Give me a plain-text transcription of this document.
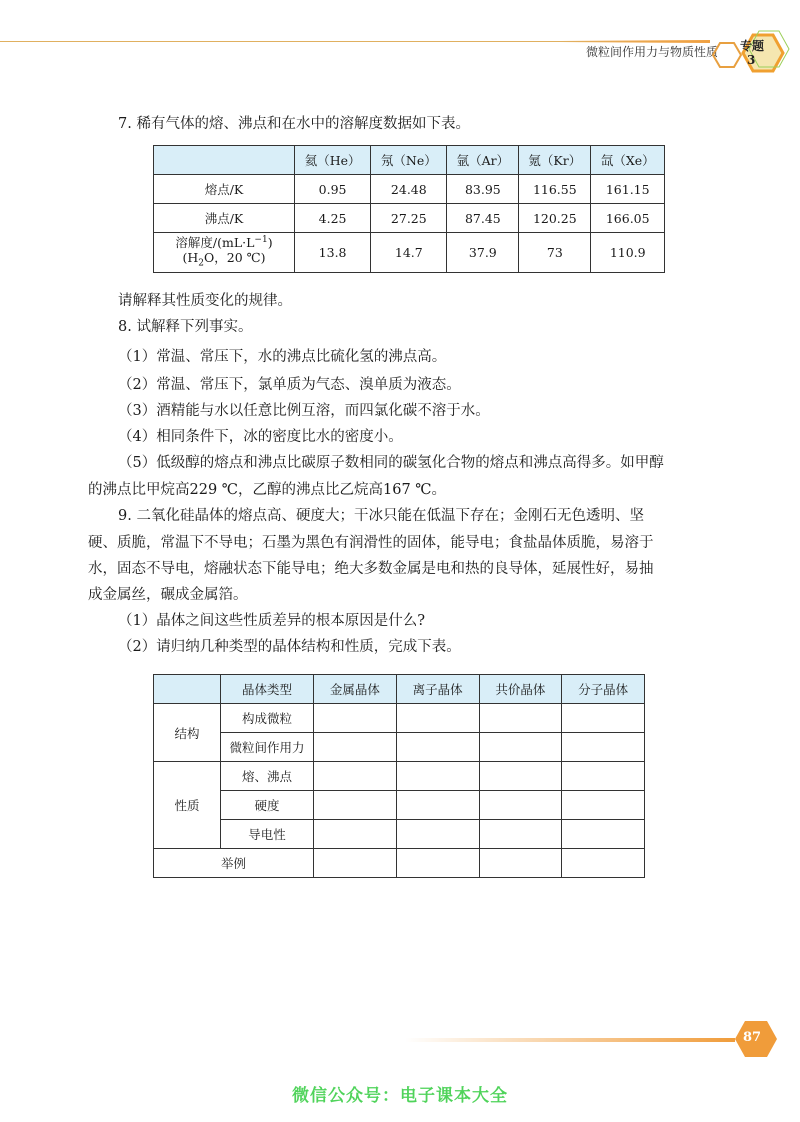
微粒间作用力与物质性质 专题
3
7. 稀有气体的熔、沸点和在水中的溶解度数据如下表。
	氦（He）	氖（Ne）	氩（Ar）	氪（Kr）	氙（Xe）
熔点/K	0.95	24.48	83.95	116.55	161.15
沸点/K	4.25	27.25	87.45	120.25	166.05
溶解度$/(mL\cdot L^{-1})$
($H_2O$，20 ℃)	13.8	14.7	37.9	73	110.9
请解释其性质变化的规律。
8. 试解释下列事实。
（1）常温、常压下，水的沸点比硫化氢的沸点高。
（2）常温、常压下，氯单质为气态、溴单质为液态。
（3）酒精能与水以任意比例互溶，而四氯化碳不溶于水。
（4）相同条件下，冰的密度比水的密度小。
（5）低级醇的熔点和沸点比碳原子数相同的碳氢化合物的熔点和沸点高得多。如甲醇
的沸点比甲烷高229 ℃，乙醇的沸点比乙烷高167 ℃。
9. 二氧化硅晶体的熔点高、硬度大；干冰只能在低温下存在；金刚石无色透明、坚
硬、质脆，常温下不导电；石墨为黑色有润滑性的固体，能导电；食盐晶体质脆，易溶于
水，固态不导电，熔融状态下能导电；绝大多数金属是电和热的良导体，延展性好，易抽
成金属丝，碾成金属箔。
（1）晶体之间这些性质差异的根本原因是什么?
（2）请归纳几种类型的晶体结构和性质，完成下表。
	晶体类型	金属晶体	离子晶体	共价晶体	分子晶体
结构	构成微粒				
	微粒间作用力				
性质	熔、沸点				
	硬度				
	导电性				
举例					
87
微信公众号：电子课本大全
